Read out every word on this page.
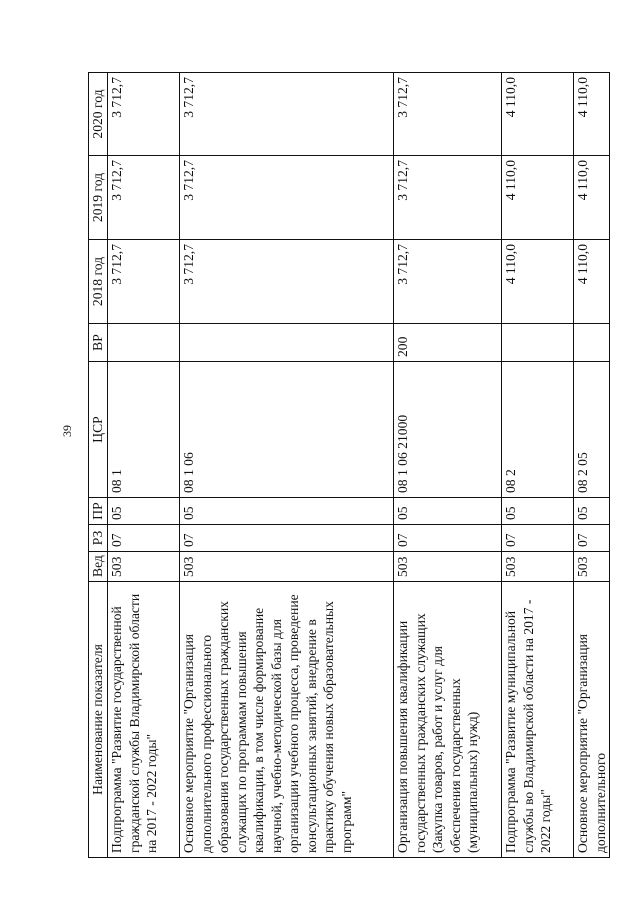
39
Наименование показателя	Вед	РЗ	ПР	ЦСР	ВР	2018 год	2019 год	2020 год
Подпрограмма "Развитие государственной гражданской службы Владимирской области на 2017 - 2022 годы"	503	07	05	08 1		3 712,7	3 712,7	3 712,7
Основное мероприятие "Организация дополнительного профессионального образования государственных гражданских служащих по программам повышения квалификации, в том числе формирование научной, учебно-методической базы для организации учебного процесса, проведение консультационных занятий, внедрение в практику обучения новых образовательных программ"	503	07	05	08 1 06		3 712,7	3 712,7	3 712,7
Организация повышения квалификации государственных гражданских служащих (Закупка товаров, работ и услуг для обеспечения государственных (муниципальных) нужд)	503	07	05	08 1 06 21000	200	3 712,7	3 712,7	3 712,7
Подпрограмма "Развитие муниципальной службы во Владимирской области на 2017 - 2022 годы"	503	07	05	08 2		4 110,0	4 110,0	4 110,0
Основное мероприятие "Организация дополнительного	503	07	05	08 2 05		4 110,0	4 110,0	4 110,0
